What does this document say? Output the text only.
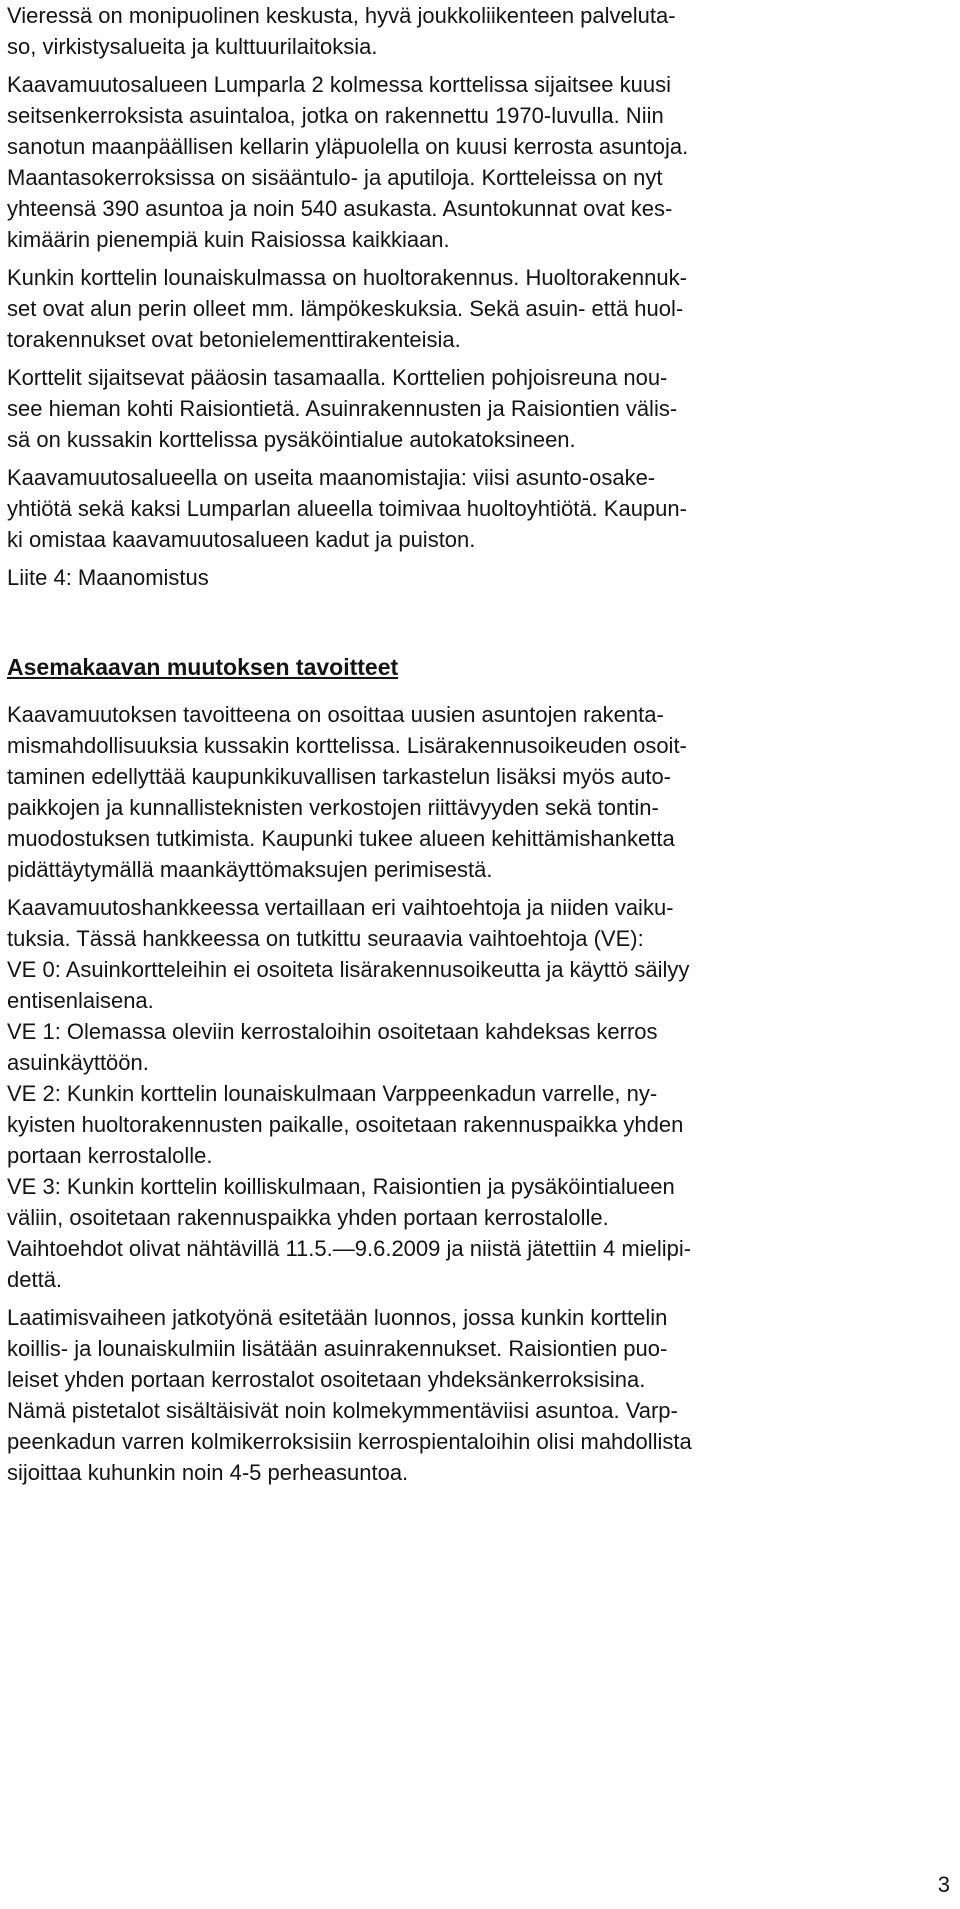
Vieressä on monipuolinen keskusta, hyvä joukkoliikenteen palveluta-
so, virkistysalueita ja kulttuurilaitoksia.
Kaavamuutosalueen Lumparla 2 kolmessa korttelissa sijaitsee kuusi
seitsenkerroksista asuintaloa, jotka on rakennettu 1970-luvulla. Niin
sanotun maanpäällisen kellarin yläpuolella on kuusi kerrosta asuntoja.
Maantasokerroksissa on sisääntulo- ja aputiloja. Kortteleissa on nyt
yhteensä 390 asuntoa ja noin 540 asukasta. Asuntokunnat ovat kes-
kimäärin pienempiä kuin Raisiossa kaikkiaan.
Kunkin korttelin lounaiskulmassa on huoltorakennus. Huoltorakennuk-
set ovat alun perin olleet mm. lämpökeskuksia. Sekä asuin- että huol-
torakennukset ovat betonielementtirakenteisia.
Korttelit sijaitsevat pääosin tasamaalla. Korttelien pohjoisreuna nou-
see hieman kohti Raisiontietä. Asuinrakennusten ja Raisiontien välis-
sä on kussakin korttelissa pysäköintialue autokatoksineen.
Kaavamuutosalueella on useita maanomistajia: viisi asunto-osake-
yhtiötä sekä kaksi Lumparlan alueella toimivaa huoltoyhtiötä. Kaupun-
ki omistaa kaavamuutosalueen kadut ja puiston.
Liite 4: Maanomistus
Asemakaavan muutoksen tavoitteet
Kaavamuutoksen tavoitteena on osoittaa uusien asuntojen rakenta-
mismahdollisuuksia kussakin korttelissa. Lisärakennusoikeuden osoit-
taminen edellyttää kaupunkikuvallisen tarkastelun lisäksi myös auto-
paikkojen ja kunnallisteknisten verkostojen riittävyyden sekä tontin-
muodostuksen tutkimista. Kaupunki tukee alueen kehittämishanketta
pidättäytymällä maankäyttömaksujen perimisestä.
Kaavamuutoshankkeessa vertaillaan eri vaihtoehtoja ja niiden vaiku-
tuksia. Tässä hankkeessa on tutkittu seuraavia vaihtoehtoja (VE):
VE 0: Asuinkortteleihin ei osoiteta lisärakennusoikeutta ja käyttö säilyy
entisenlaisena.
VE 1: Olemassa oleviin kerrostaloihin osoitetaan kahdeksas kerros
asuinkäyttöön.
VE 2: Kunkin korttelin lounaiskulmaan Varppeenkadun varrelle, ny-
kyisten huoltorakennusten paikalle, osoitetaan rakennuspaikka yhden
portaan kerrostalolle.
VE 3: Kunkin korttelin koilliskulmaan, Raisiontien ja pysäköintialueen
väliin, osoitetaan rakennuspaikka yhden portaan kerrostalolle.
Vaihtoehdot olivat nähtävillä 11.5.—9.6.2009 ja niistä jätettiin 4 mielipi-
dettä.
Laatimisvaiheen jatkotyönä esitetään luonnos, jossa kunkin korttelin
koillis- ja lounaiskulmiin lisätään asuinrakennukset. Raisiontien puo-
leiset yhden portaan kerrostalot osoitetaan yhdeksänkerroksisina.
Nämä pistetalot sisältäisivät noin kolmekymmentäviisi asuntoa. Varp-
peenkadun varren kolmikerroksisiin kerrospientaloihin olisi mahdollista
sijoittaa kuhunkin noin 4-5 perheasuntoa.
3
